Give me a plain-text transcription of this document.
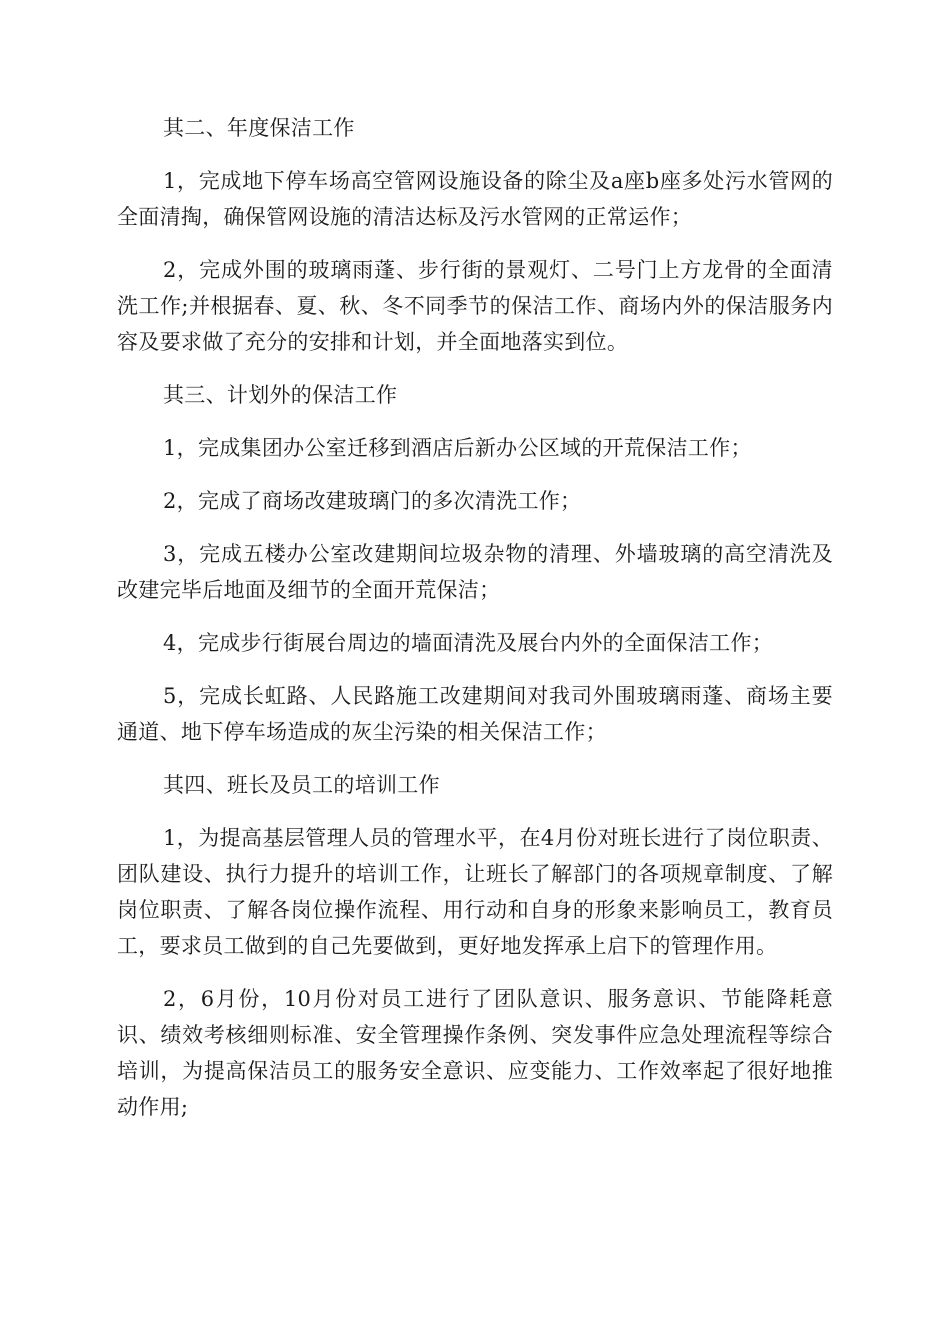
其二、年度保洁工作

1，完成地下停车场高空管网设施设备的除尘及a座b座多处污水管网的全面清掏，确保管网设施的清洁达标及污水管网的正常运作；

2，完成外围的玻璃雨蓬、步行街的景观灯、二号门上方龙骨的全面清洗工作;并根据春、夏、秋、冬不同季节的保洁工作、商场内外的保洁服务内容及要求做了充分的安排和计划，并全面地落实到位。

其三、计划外的保洁工作

1，完成集团办公室迁移到酒店后新办公区域的开荒保洁工作；

2，完成了商场改建玻璃门的多次清洗工作；

3，完成五楼办公室改建期间垃圾杂物的清理、外墙玻璃的高空清洗及改建完毕后地面及细节的全面开荒保洁；

4，完成步行街展台周边的墙面清洗及展台内外的全面保洁工作；

5，完成长虹路、人民路施工改建期间对我司外围玻璃雨蓬、商场主要通道、地下停车场造成的灰尘污染的相关保洁工作；

其四、班长及员工的培训工作

1，为提高基层管理人员的管理水平，在4月份对班长进行了岗位职责、团队建设、执行力提升的培训工作，让班长了解部门的各项规章制度、了解岗位职责、了解各岗位操作流程、用行动和自身的形象来影响员工，教育员工，要求员工做到的自己先要做到，更好地发挥承上启下的管理作用。

2，6月份，10月份对员工进行了团队意识、服务意识、节能降耗意识、绩效考核细则标准、安全管理操作条例、突发事件应急处理流程等综合培训，为提高保洁员工的服务安全意识、应变能力、工作效率起了很好地推动作用;
